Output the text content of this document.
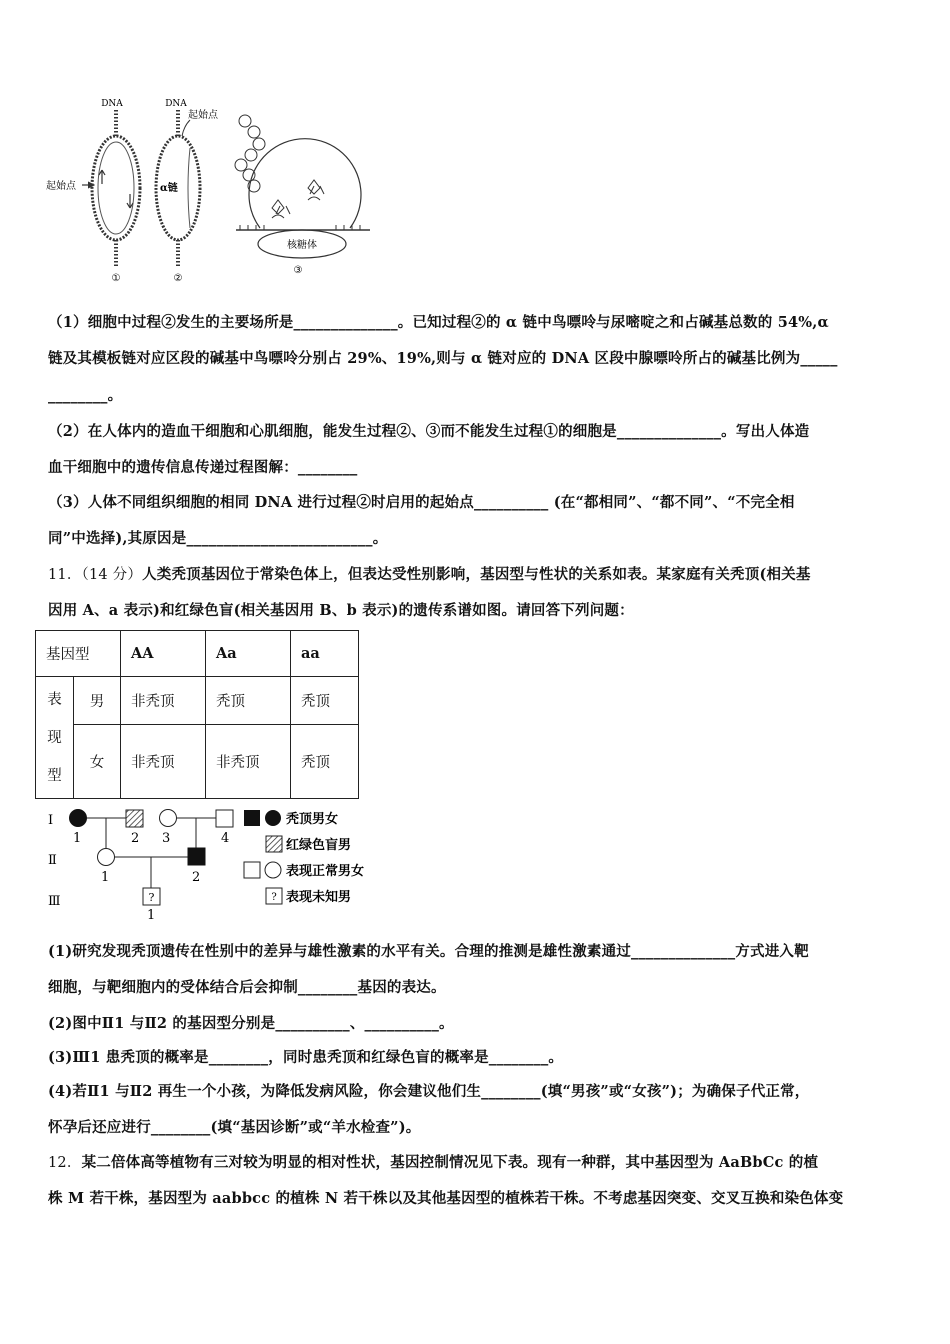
DNA
起始点
①
DNA
α链
起始点
②
核糖体
③
（1）细胞中过程②发生的主要场所是______________。已知过程②的 α 链中鸟嘌呤与尿嘧啶之和占碱基总数的 54%,α
链及其模板链对应区段的碱基中鸟嘌呤分别占 29%、19%,则与 α 链对应的 DNA 区段中腺嘌呤所占的碱基比例为_____
________。
（2）在人体内的造血干细胞和心肌细胞，能发生过程②、③而不能发生过程①的细胞是______________。写出人体造
血干细胞中的遗传信息传递过程图解：________
（3）人体不同组织细胞的相同 DNA 进行过程②时启用的起始点__________ (在“都相同”、“都不同”、“不完全相
同”中选择),其原因是_________________________。
11．（14 分）人类秃顶基因位于常染色体上，但表达受性别影响，基因型与性状的关系如表。某家庭有关秃顶(相关基
因用 A、a 表示)和红绿色盲(相关基因用 B、b 表示)的遗传系谱如图。请回答下列问题：
基因型		AA	Aa	aa

表
现
型	男	非秃顶	秃顶	秃顶
	女	非秃顶	非秃顶	秃顶
Ⅰ
Ⅱ
Ⅲ
1	2 3	4
1	2
?
1
秃顶男女
红绿色盲男
表现正常男女
? 表现未知男
(1)研究发现秃顶遗传在性别中的差异与雄性激素的水平有关。合理的推测是雄性激素通过______________方式进入靶
细胞，与靶细胞内的受体结合后会抑制________基因的表达。
(2)图中Ⅱ1 与Ⅱ2 的基因型分别是__________、__________。
(3)Ⅲ1 患秃顶的概率是________，同时患秃顶和红绿色盲的概率是________。
(4)若Ⅱ1 与Ⅱ2 再生一个小孩，为降低发病风险，你会建议他们生________(填“男孩”或“女孩”)；为确保子代正常，
怀孕后还应进行________(填“基因诊断”或“羊水检查”)。
12．某二倍体高等植物有三对较为明显的相对性状，基因控制情况见下表。现有一种群，其中基因型为 AaBbCc 的植
株 M 若干株，基因型为 aabbcc 的植株 N 若干株以及其他基因型的植株若干株。不考虑基因突变、交叉互换和染色体变
